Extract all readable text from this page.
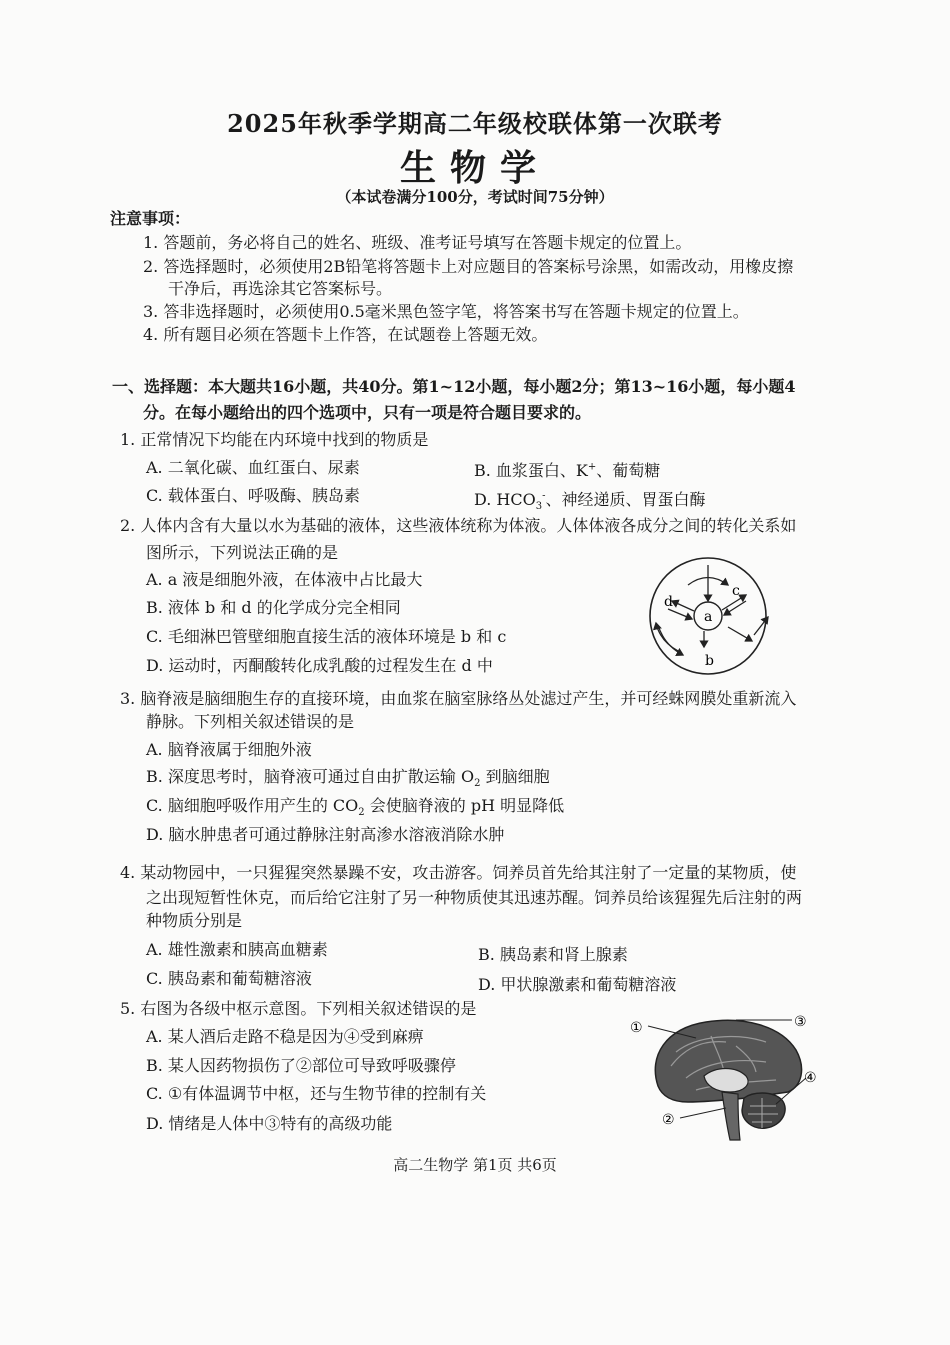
2025年秋季学期高二年级校联体第一次联考
生物学
（本试卷满分100分，考试时间75分钟）
注意事项：
1. 答题前，务必将自己的姓名、班级、准考证号填写在答题卡规定的位置上。
2. 答选择题时，必须使用2B铅笔将答题卡上对应题目的答案标号涂黑，如需改动，用橡皮擦
干净后，再选涂其它答案标号。
3. 答非选择题时，必须使用0.5毫米黑色签字笔，将答案书写在答题卡规定的位置上。
4. 所有题目必须在答题卡上作答，在试题卷上答题无效。
一、选择题：本大题共16小题，共40分。第1~12小题，每小题2分；第13~16小题，每小题4
分。在每小题给出的四个选项中，只有一项是符合题目要求的。
1. 正常情况下均能在内环境中找到的物质是
A. 二氧化碳、血红蛋白、尿素	B. 血浆蛋白、K+、葡萄糖
C. 载体蛋白、呼吸酶、胰岛素	D. $HCO_3^-$、神经递质、胃蛋白酶
2. 人体内含有大量以水为基础的液体，这些液体统称为体液。人体体液各成分之间的转化关系如
图所示，下列说法正确的是
A. a 液是细胞外液，在体液中占比最大
B. 液体 b 和 d 的化学成分完全相同
C. 毛细淋巴管壁细胞直接生活的液体环境是 b 和 c
D. 运动时，丙酮酸转化成乳酸的过程发生在 d 中
a
b
c
d
3. 脑脊液是脑细胞生存的直接环境，由血浆在脑室脉络丛处滤过产生，并可经蛛网膜处重新流入
静脉。下列相关叙述错误的是
A. 脑脊液属于细胞外液
B. 深度思考时，脑脊液可通过自由扩散运输 $O_2$ 到脑细胞
C. 脑细胞呼吸作用产生的 $CO_2$ 会使脑脊液的 pH 明显降低
D. 脑水肿患者可通过静脉注射高渗水溶液消除水肿
4. 某动物园中，一只猩猩突然暴躁不安，攻击游客。饲养员首先给其注射了一定量的某物质，使
之出现短暂性休克，而后给它注射了另一种物质使其迅速苏醒。饲养员给该猩猩先后注射的两
种物质分别是
A. 雄性激素和胰高血糖素	B. 胰岛素和肾上腺素
C. 胰岛素和葡萄糖溶液	D. 甲状腺激素和葡萄糖溶液
5. 右图为各级中枢示意图。下列相关叙述错误的是
A. 某人酒后走路不稳是因为④受到麻痹
B. 某人因药物损伤了②部位可导致呼吸骤停
C. ①有体温调节中枢，还与生物节律的控制有关
D. 情绪是人体中③特有的高级功能
①	③
④
②
高二生物学 第1页 共6页
